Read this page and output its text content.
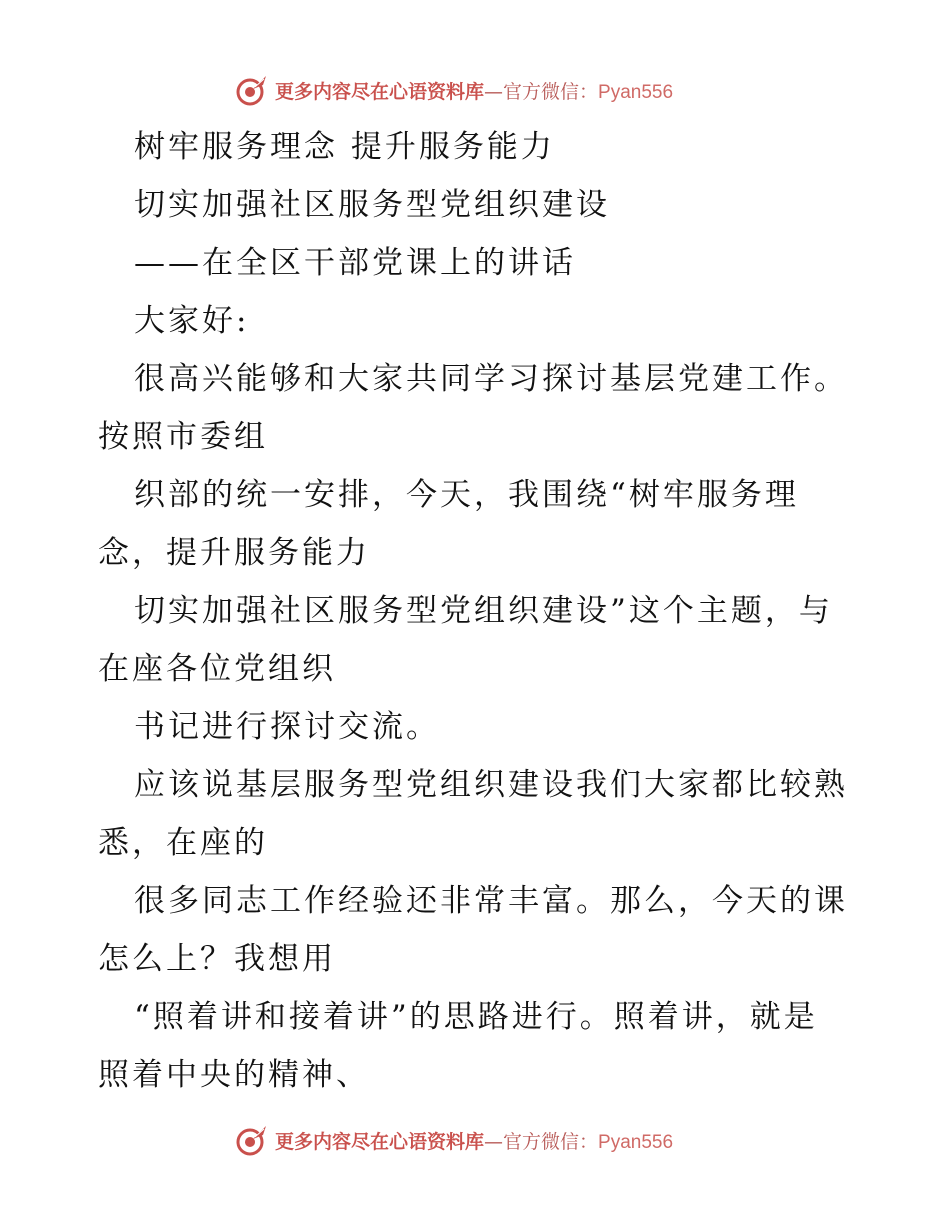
更多内容尽在心语资料库—官方微信：Pyan556
树牢服务理念 提升服务能力
切实加强社区服务型党组织建设
——在全区干部党课上的讲话
大家好:
很高兴能够和大家共同学习探讨基层党建工作。
按照市委组
织部的统一安排，今天，我围绕“树牢服务理
念，提升服务能力
切实加强社区服务型党组织建设”这个主题，与
在座各位党组织
书记进行探讨交流。
应该说基层服务型党组织建设我们大家都比较熟
悉，在座的
很多同志工作经验还非常丰富。那么，今天的课
怎么上？我想用
“照着讲和接着讲”的思路进行。照着讲，就是
照着中央的精神、
更多内容尽在心语资料库—官方微信：Pyan556
